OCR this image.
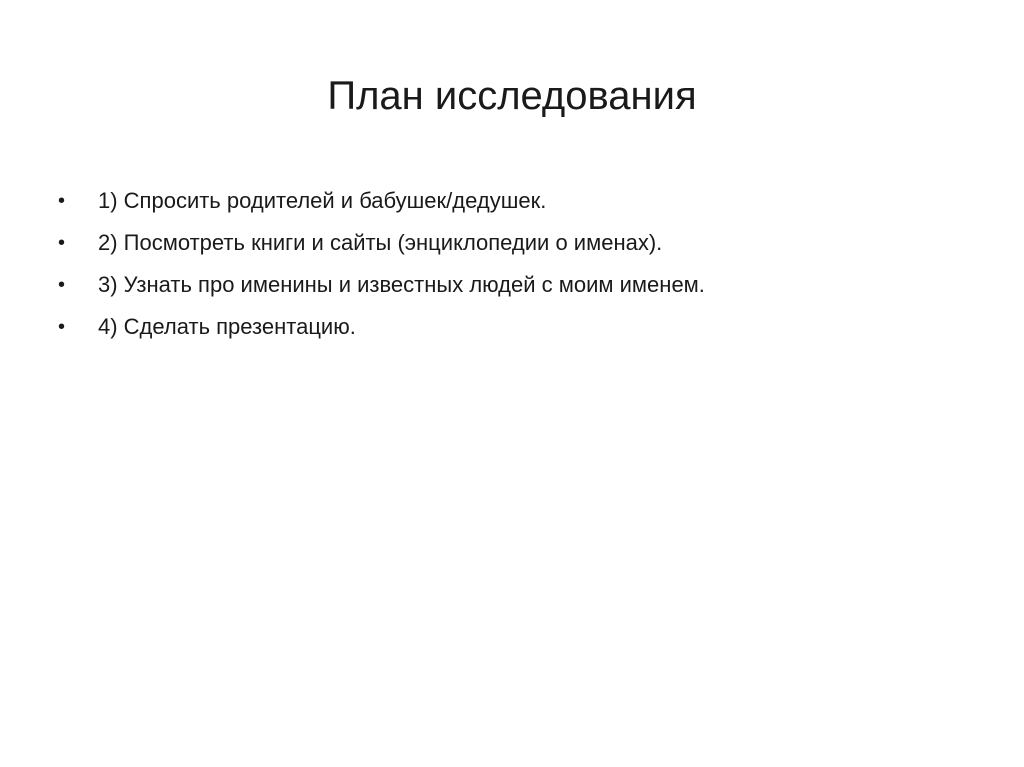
План исследования
•	1) Спросить родителей и бабушек/дедушек.
•	2) Посмотреть книги и сайты (энциклопедии о именах).
•	3) Узнать про именины и известных людей с моим именем.
•	4) Сделать презентацию.
